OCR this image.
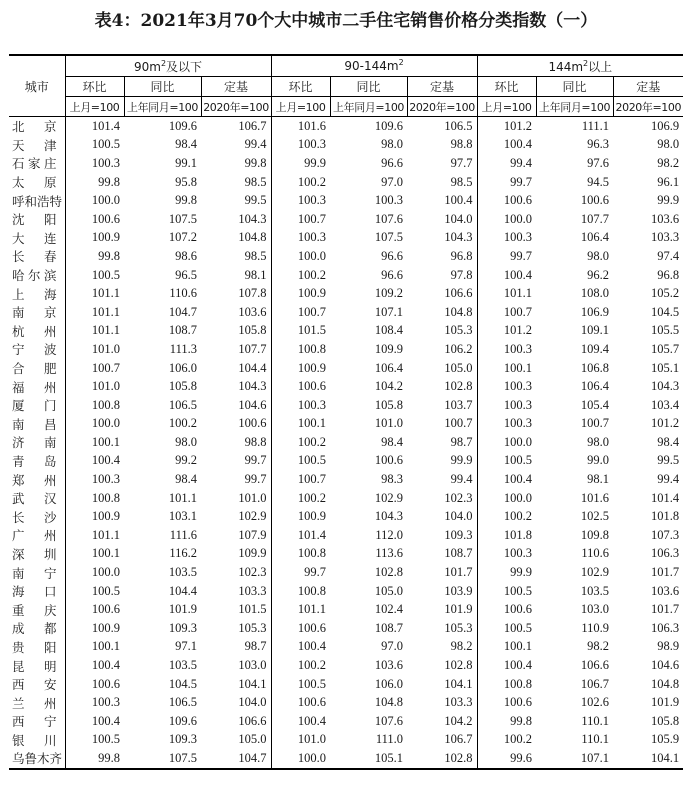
表4：2021年3月70个大中城市二手住宅销售价格分类指数（一）
城市	$90m^2$及以下			$90-144m^2$			$144m^2$以上		
	环比	同比	定基	环比	同比	定基	环比	同比	定基
	上月=100	上年同月=100	2020年=100	上月=100	上年同月=100	2020年=100	上月=100	上年同月=100	2020年=100
北京	101.4	109.6	106.7	101.6	109.6	106.5	101.2	111.1	106.9
天津	100.5	98.4	99.4	100.3	98.0	98.8	100.4	96.3	98.0
石家庄	100.3	99.1	99.8	99.9	96.6	97.7	99.4	97.6	98.2
太原	99.8	95.8	98.5	100.2	97.0	98.5	99.7	94.5	96.1
呼和浩特	100.0	99.8	99.5	100.3	100.3	100.4	100.6	100.6	99.9
沈阳	100.6	107.5	104.3	100.7	107.6	104.0	100.0	107.7	103.6
大连	100.9	107.2	104.8	100.3	107.5	104.3	100.3	106.4	103.3
长春	99.8	98.6	98.5	100.0	96.6	96.8	99.7	98.0	97.4
哈尔滨	100.5	96.5	98.1	100.2	96.6	97.8	100.4	96.2	96.8
上海	101.1	110.6	107.8	100.9	109.2	106.6	101.1	108.0	105.2
南京	101.1	104.7	103.6	100.7	107.1	104.8	100.7	106.9	104.5
杭州	101.1	108.7	105.8	101.5	108.4	105.3	101.2	109.1	105.5
宁波	101.0	111.3	107.7	100.8	109.9	106.2	100.3	109.4	105.7
合肥	100.7	106.0	104.4	100.9	106.4	105.0	100.1	106.8	105.1
福州	101.0	105.8	104.3	100.6	104.2	102.8	100.3	106.4	104.3
厦门	100.8	106.5	104.6	100.3	105.8	103.7	100.3	105.4	103.4
南昌	100.0	100.2	100.6	100.1	101.0	100.7	100.3	100.7	101.2
济南	100.1	98.0	98.8	100.2	98.4	98.7	100.0	98.0	98.4
青岛	100.4	99.2	99.7	100.5	100.6	99.9	100.5	99.0	99.5
郑州	100.3	98.4	99.7	100.7	98.3	99.4	100.4	98.1	99.4
武汉	100.8	101.1	101.0	100.2	102.9	102.3	100.0	101.6	101.4
长沙	100.9	103.1	102.9	100.9	104.3	104.0	100.2	102.5	101.8
广州	101.1	111.6	107.9	101.4	112.0	109.3	101.8	109.8	107.3
深圳	100.1	116.2	109.9	100.8	113.6	108.7	100.3	110.6	106.3
南宁	100.0	103.5	102.3	99.7	102.8	101.7	99.9	102.9	101.7
海口	100.5	104.4	103.3	100.8	105.0	103.9	100.5	103.5	103.6
重庆	100.6	101.9	101.5	101.1	102.4	101.9	100.6	103.0	101.7
成都	100.9	109.3	105.3	100.6	108.7	105.3	100.5	110.9	106.3
贵阳	100.1	97.1	98.7	100.4	97.0	98.2	100.1	98.2	98.9
昆明	100.4	103.5	103.0	100.2	103.6	102.8	100.4	106.6	104.6
西安	100.6	104.5	104.1	100.5	106.0	104.1	100.8	106.7	104.8
兰州	100.3	106.5	104.0	100.6	104.8	103.3	100.6	102.6	101.9
西宁	100.4	109.6	106.6	100.4	107.6	104.2	99.8	110.1	105.8
银川	100.5	109.3	105.0	101.0	111.0	106.7	100.2	110.1	105.9
乌鲁木齐	99.8	107.5	104.7	100.0	105.1	102.8	99.6	107.1	104.1
